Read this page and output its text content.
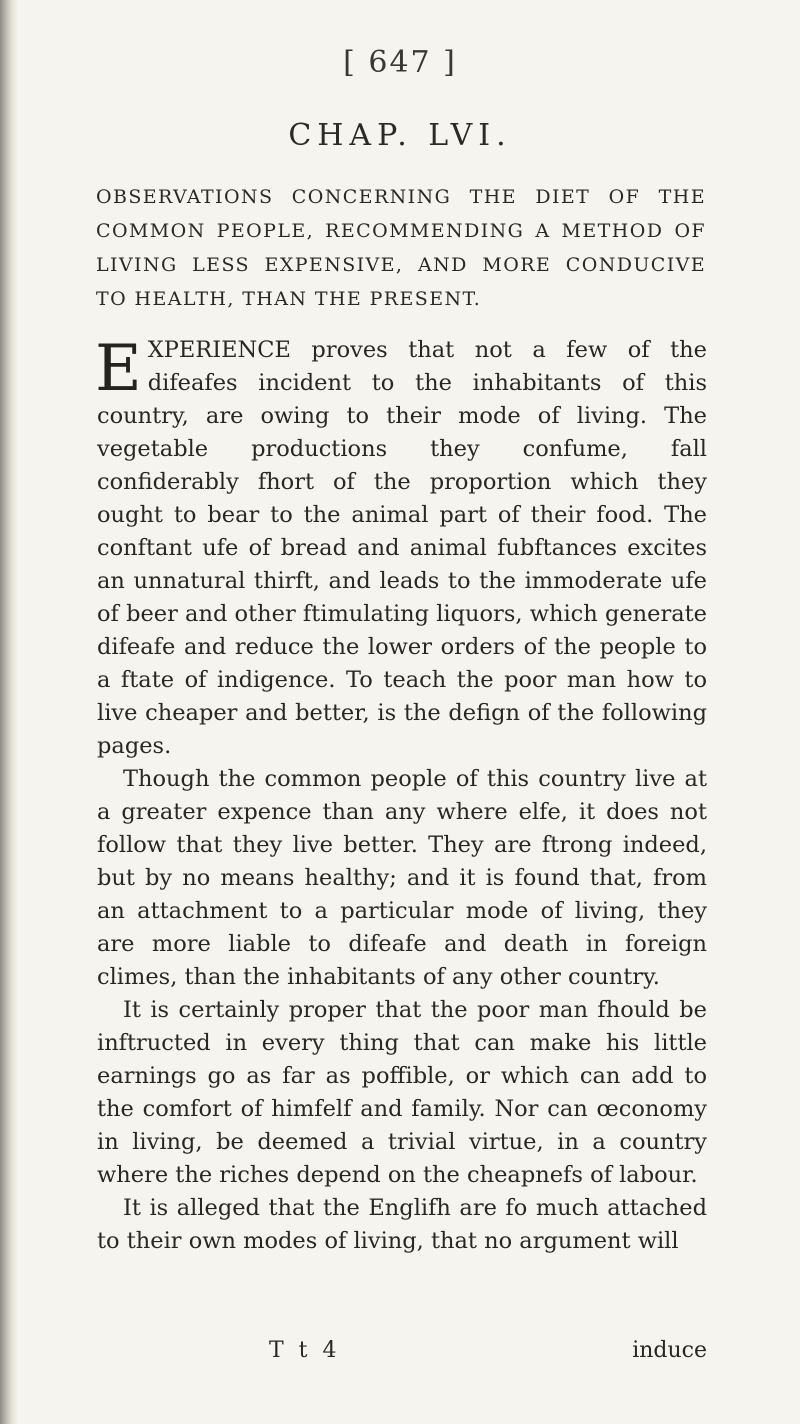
[ 647 ]
CHAP. LVI.
OBSERVATIONS CONCERNING THE DIET OF THE COMMON PEOPLE, RECOMMENDING A METHOD OF LIVING LESS EXPENSIVE, AND MORE CONDUCIVE TO HEALTH, THAN THE PRESENT.

EXPERIENCE proves that not a few of the difeafes incident to the inhabitants of this country, are owing to their mode of living. The vegetable productions they confume, fall confiderably fhort of the proportion which they ought to bear to the animal part of their food. The conftant ufe of bread and animal fubftances excites an unnatural thirft, and leads to the immoderate ufe of beer and other ftimulating liquors, which generate difeafe and reduce the lower orders of the people to a ftate of indigence. To teach the poor man how to live cheaper and better, is the defign of the following pages.

Though the common people of this country live at a greater expence than any where elfe, it does not follow that they live better. They are ftrong indeed, but by no means healthy; and it is found that, from an attachment to a particular mode of living, they are more liable to difeafe and death in foreign climes, than the inhabitants of any other country.

It is certainly proper that the poor man fhould be inftructed in every thing that can make his little earnings go as far as poffible, or which can add to the comfort of himfelf and family. Nor can œconomy in living, be deemed a trivial virtue, in a country where the riches depend on the cheapnefs of labour.

It is alleged that the Englifh are fo much attached to their own modes of living, that no argument will

T t 4	induce
